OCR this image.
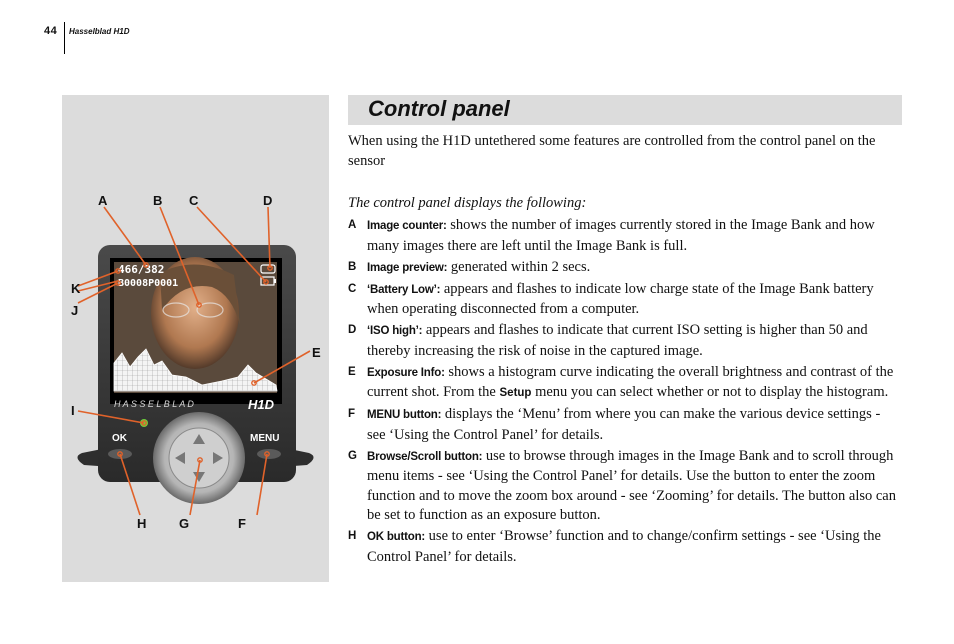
44 Hasselblad H1D
466/382
B0008P0001
H A S S E L B L A D	H1D
OK	MENU
A	B C	D
E
F
G
H
I
J
K
Control panel
When using the H1D untethered some features are controlled from the control panel on the sensor
The control panel displays the following:
A Image counter: shows the number of images currently stored in the Image Bank and how many images there are left until the Image Bank is full.
B Image preview: generated within 2 secs.
C ‘Battery Low’: appears and flashes to indicate low charge state of the Image Bank battery when operating disconnected from a computer.
D ‘ISO high’: appears and flashes to indicate that current ISO setting is higher than 50 and thereby increasing the risk of noise in the captured image.
E Exposure Info: shows a histogram curve indicating the overall brightness and contrast of the current shot. From the Setup menu you can select whether or not to display the histogram.
F MENU button: displays the ‘Menu’ from where you can make the various device settings - see ‘Using the Control Panel’ for details.
G Browse/Scroll button: use to browse through images in the Image Bank and to scroll through menu items - see ‘Using the Control Panel’ for details. Use the button to enter the zoom function and to move the zoom box around - see ‘Zooming’ for details. The button also can be set to function as an exposure button.
H OK button: use to enter ‘Browse’ function and to change/confirm settings - see ‘Using the Control Panel’ for details.
